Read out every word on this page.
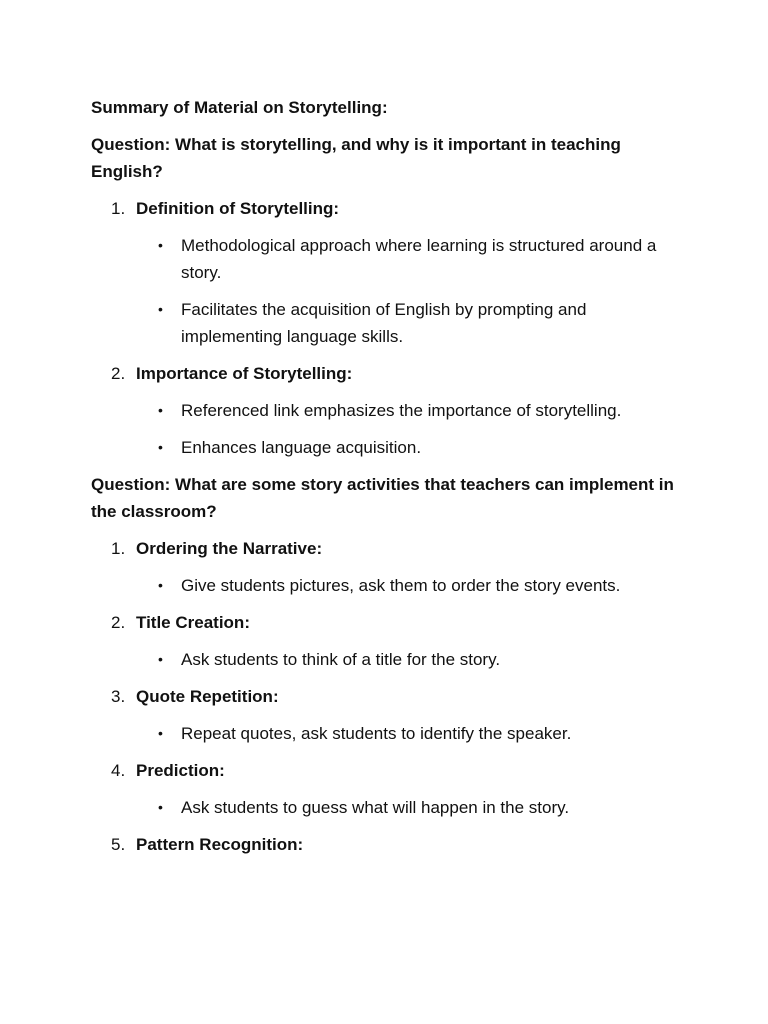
Summary of Material on Storytelling:

Question: What is storytelling, and why is it important in teaching English?

1. Definition of Storytelling:
• Methodological approach where learning is structured around a story.
• Facilitates the acquisition of English by prompting and implementing language skills.
2. Importance of Storytelling:
• Referenced link emphasizes the importance of storytelling.
• Enhances language acquisition.

Question: What are some story activities that teachers can implement in the classroom?

1. Ordering the Narrative:
• Give students pictures, ask them to order the story events.
2. Title Creation:
• Ask students to think of a title for the story.
3. Quote Repetition:
• Repeat quotes, ask students to identify the speaker.
4. Prediction:
• Ask students to guess what will happen in the story.
5. Pattern Recognition:
